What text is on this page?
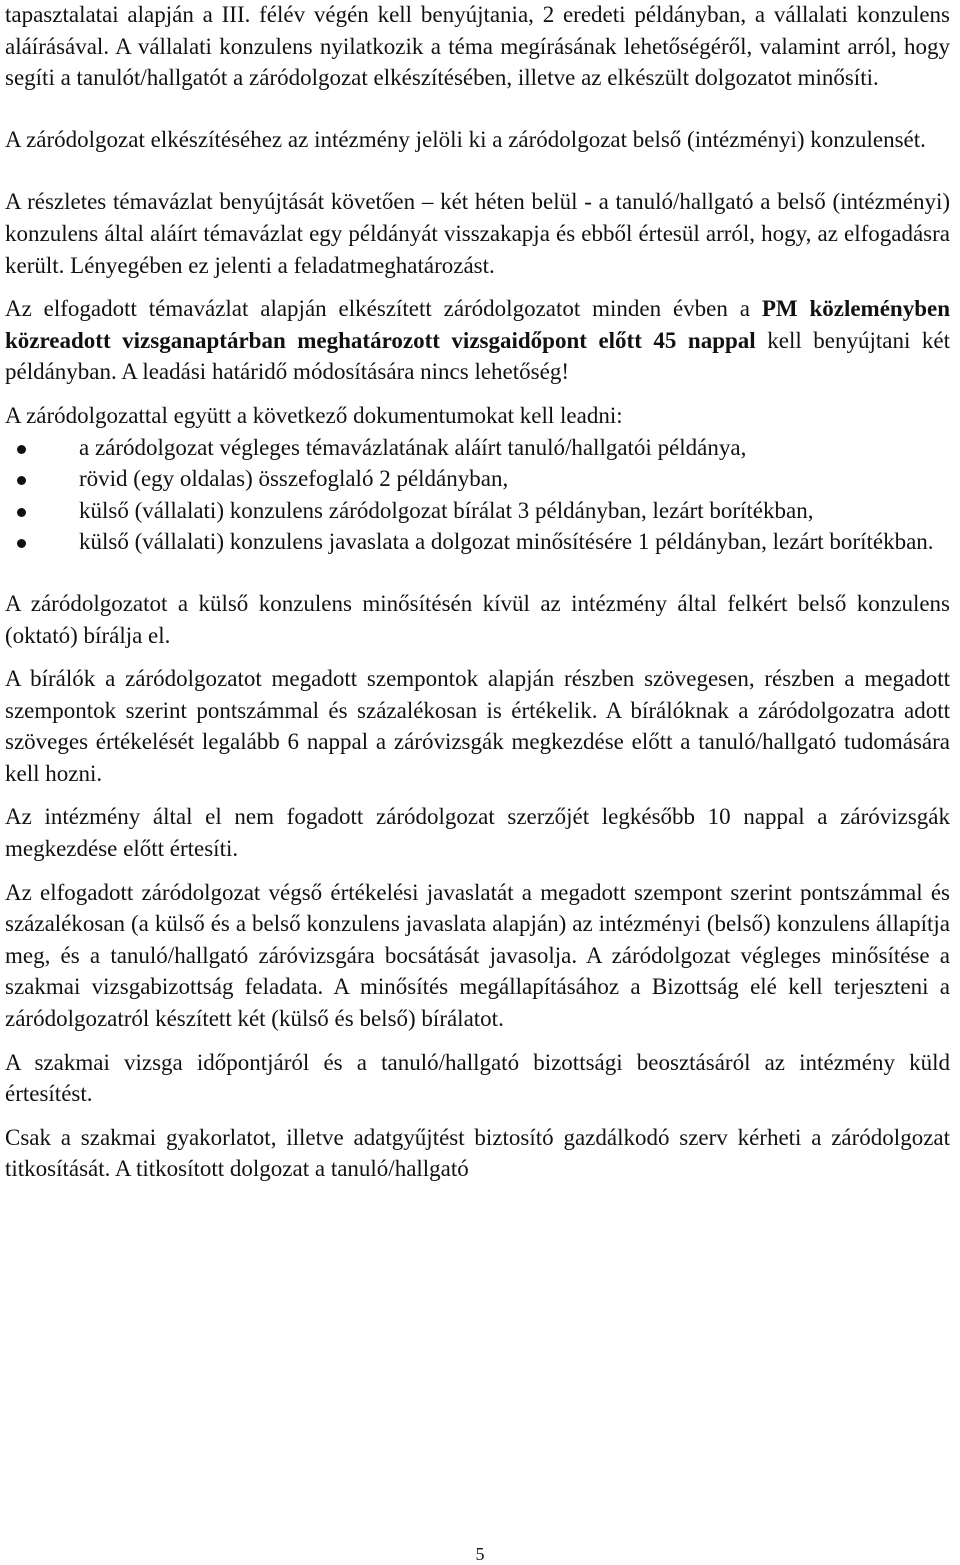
tapasztalatai alapján a III. félév végén kell benyújtania, 2 eredeti példányban, a vállalati konzulens aláírásával. A vállalati konzulens nyilatkozik a téma megírásának lehetőségéről, valamint arról, hogy segíti a tanulót/hallgatót a záródolgozat elkészítésében, illetve az elkészült dolgozatot minősíti.

A záródolgozat elkészítéséhez az intézmény jelöli ki a záródolgozat belső (intézményi) konzulensét.

A részletes témavázlat benyújtását követően – két héten belül - a tanuló/hallgató a belső (intézményi) konzulens által aláírt témavázlat egy példányát visszakapja és ebből értesül arról, hogy, az elfogadásra került. Lényegében ez jelenti a feladatmeghatározást.

Az elfogadott témavázlat alapján elkészített záródolgozatot minden évben a PM közleményben közreadott vizsganaptárban meghatározott vizsgaidőpont előtt 45 nappal kell benyújtani két példányban. A leadási határidő módosítására nincs lehetőség!

A záródolgozattal együtt a következő dokumentumokat kell leadni:

a záródolgozat végleges témavázlatának aláírt tanuló/hallgatói példánya,
rövid (egy oldalas) összefoglaló 2 példányban,
külső (vállalati) konzulens záródolgozat bírálat 3 példányban, lezárt borítékban,
külső (vállalati) konzulens javaslata a dolgozat minősítésére 1 példányban, lezárt borítékban.

A záródolgozatot a külső konzulens minősítésén kívül az intézmény által felkért belső konzulens (oktató) bírálja el.

A bírálók a záródolgozatot megadott szempontok alapján részben szövegesen, részben a megadott szempontok szerint pontszámmal és százalékosan is értékelik. A bírálóknak a záródolgozatra adott szöveges értékelését legalább 6 nappal a záróvizsgák megkezdése előtt a tanuló/hallgató tudomására kell hozni.

Az intézmény által el nem fogadott záródolgozat szerzőjét legkésőbb 10 nappal a záróvizsgák megkezdése előtt értesíti.

Az elfogadott záródolgozat végső értékelési javaslatát a megadott szempont szerint pontszámmal és százalékosan (a külső és a belső konzulens javaslata alapján) az intézményi (belső) konzulens állapítja meg, és a tanuló/hallgató záróvizsgára bocsátását javasolja. A záródolgozat végleges minősítése a szakmai vizsgabizottság feladata. A minősítés megállapításához a Bizottság elé kell terjeszteni a záródolgozatról készített két (külső és belső) bírálatot.

A szakmai vizsga időpontjáról és a tanuló/hallgató bizottsági beosztásáról az intézmény küld értesítést.

Csak a szakmai gyakorlatot, illetve adatgyűjtést biztosító gazdálkodó szerv kérheti a záródolgozat titkosítását. A titkosított dolgozat a tanuló/hallgató

5
